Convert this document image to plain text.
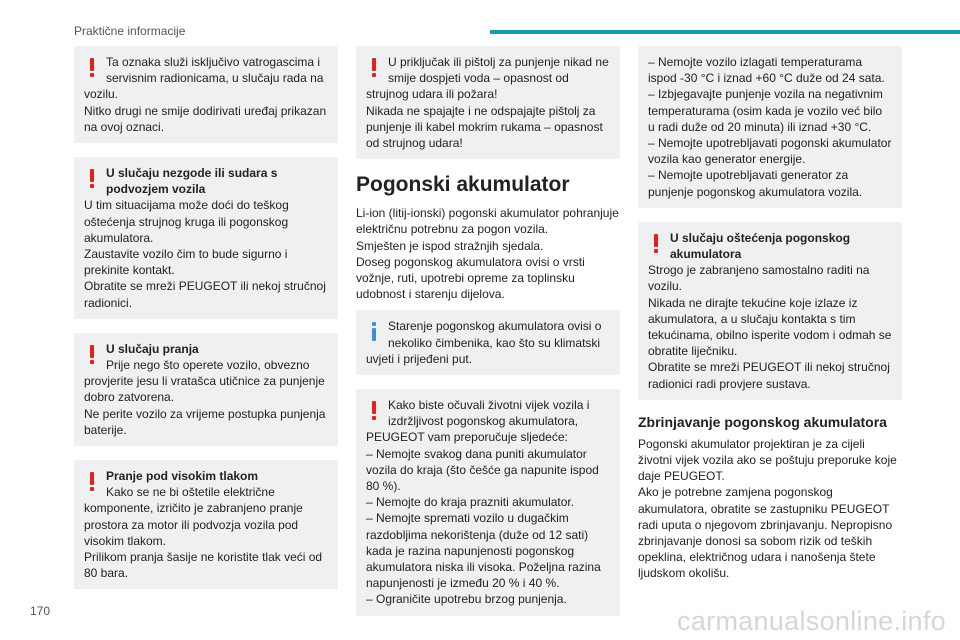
Praktične informacije
Ta oznaka služi isključivo vatrogascima i servisnim radionicama, u slučaju rada na
vozilu.
Nitko drugi ne smije dodirivati uređaj prikazan na ovoj oznaci.
U slučaju nezgode ili sudara s podvozjem vozila
U tim situacijama može doći do teškog oštećenja strujnog kruga ili pogonskog akumulatora.
Zaustavite vozilo čim to bude sigurno i prekinite kontakt.
Obratite se mreži PEUGEOT ili nekoj stručnoj radionici.
U slučaju pranja
Prije nego što operete vozilo, obvezno
provjerite jesu li vratašca utičnice za punjenje dobro zatvorena.
Ne perite vozilo za vrijeme postupka punjenja baterije.
Pranje pod visokim tlakom
Kako se ne bi oštetile električne
komponente, izričito je zabranjeno pranje prostora za motor ili podvozja vozila pod visokim tlakom.
Prilikom pranja šasije ne koristite tlak veći od 80 bara.
U priključak ili pištolj za punjenje nikad ne smije dospjeti voda – opasnost od
strujnog udara ili požara!
Nikada ne spajajte i ne odspajajte pištolj za punjenje ili kabel mokrim rukama – opasnost od strujnog udara!
Pogonski akumulator

Li-ion (litij-ionski) pogonski akumulator pohranjuje električnu potrebnu za pogon vozila.
Smješten je ispod stražnjih sjedala.
Doseg pogonskog akumulatora ovisi o vrsti vožnje, ruti, upotrebi opreme za toplinsku udobnost i starenju dijelova.

Starenje pogonskog akumulatora ovisi o nekoliko čimbenika, kao što su klimatski
uvjeti i prijeđeni put.
Kako biste očuvali životni vijek vozila i izdržljivost pogonskog akumulatora,
PEUGEOT vam preporučuje sljedeće:
– Nemojte svakog dana puniti akumulator vozila do kraja (što češće ga napunite ispod 80 %).
– Nemojte do kraja prazniti akumulator.
– Nemojte spremati vozilo u dugačkim razdobljima nekorištenja (duže od 12 sati) kada je razina napunjenosti pogonskog akumulatora niska ili visoka. Poželjna razina napunjenosti je između 20 % i 40 %.
– Ograničite upotrebu brzog punjenja.
– Nemojte vozilo izlagati temperaturama ispod -30 °C i iznad +60 °C duže od 24 sata.
– Izbjegavajte punjenje vozila na negativnim temperaturama (osim kada je vozilo već bilo u radi duže od 20 minuta) ili iznad +30 °C.
– Nemojte upotrebljavati pogonski akumulator vozila kao generator energije.
– Nemojte upotrebljavati generator za punjenje pogonskog akumulatora vozila.
U slučaju oštećenja pogonskog akumulatora
Strogo je zabranjeno samostalno raditi na vozilu.
Nikada ne dirajte tekućine koje izlaze iz akumulatora, a u slučaju kontakta s tim tekućinama, obilno isperite vodom i odmah se obratite liječniku.
Obratite se mreži PEUGEOT ili nekoj stručnoj radionici radi provjere sustava.
Zbrinjavanje pogonskog akumulatora

Pogonski akumulator projektiran je za cijeli životni vijek vozila ako se poštuju preporuke koje daje PEUGEOT.
Ako je potrebne zamjena pogonskog akumulatora, obratite se zastupniku PEUGEOT radi uputa o njegovom zbrinjavanju. Nepropisno zbrinjavanje donosi sa sobom rizik od teških opeklina, električnog udara i nanošenja štete ljudskom okolišu.

170	carmanualsonline.info
